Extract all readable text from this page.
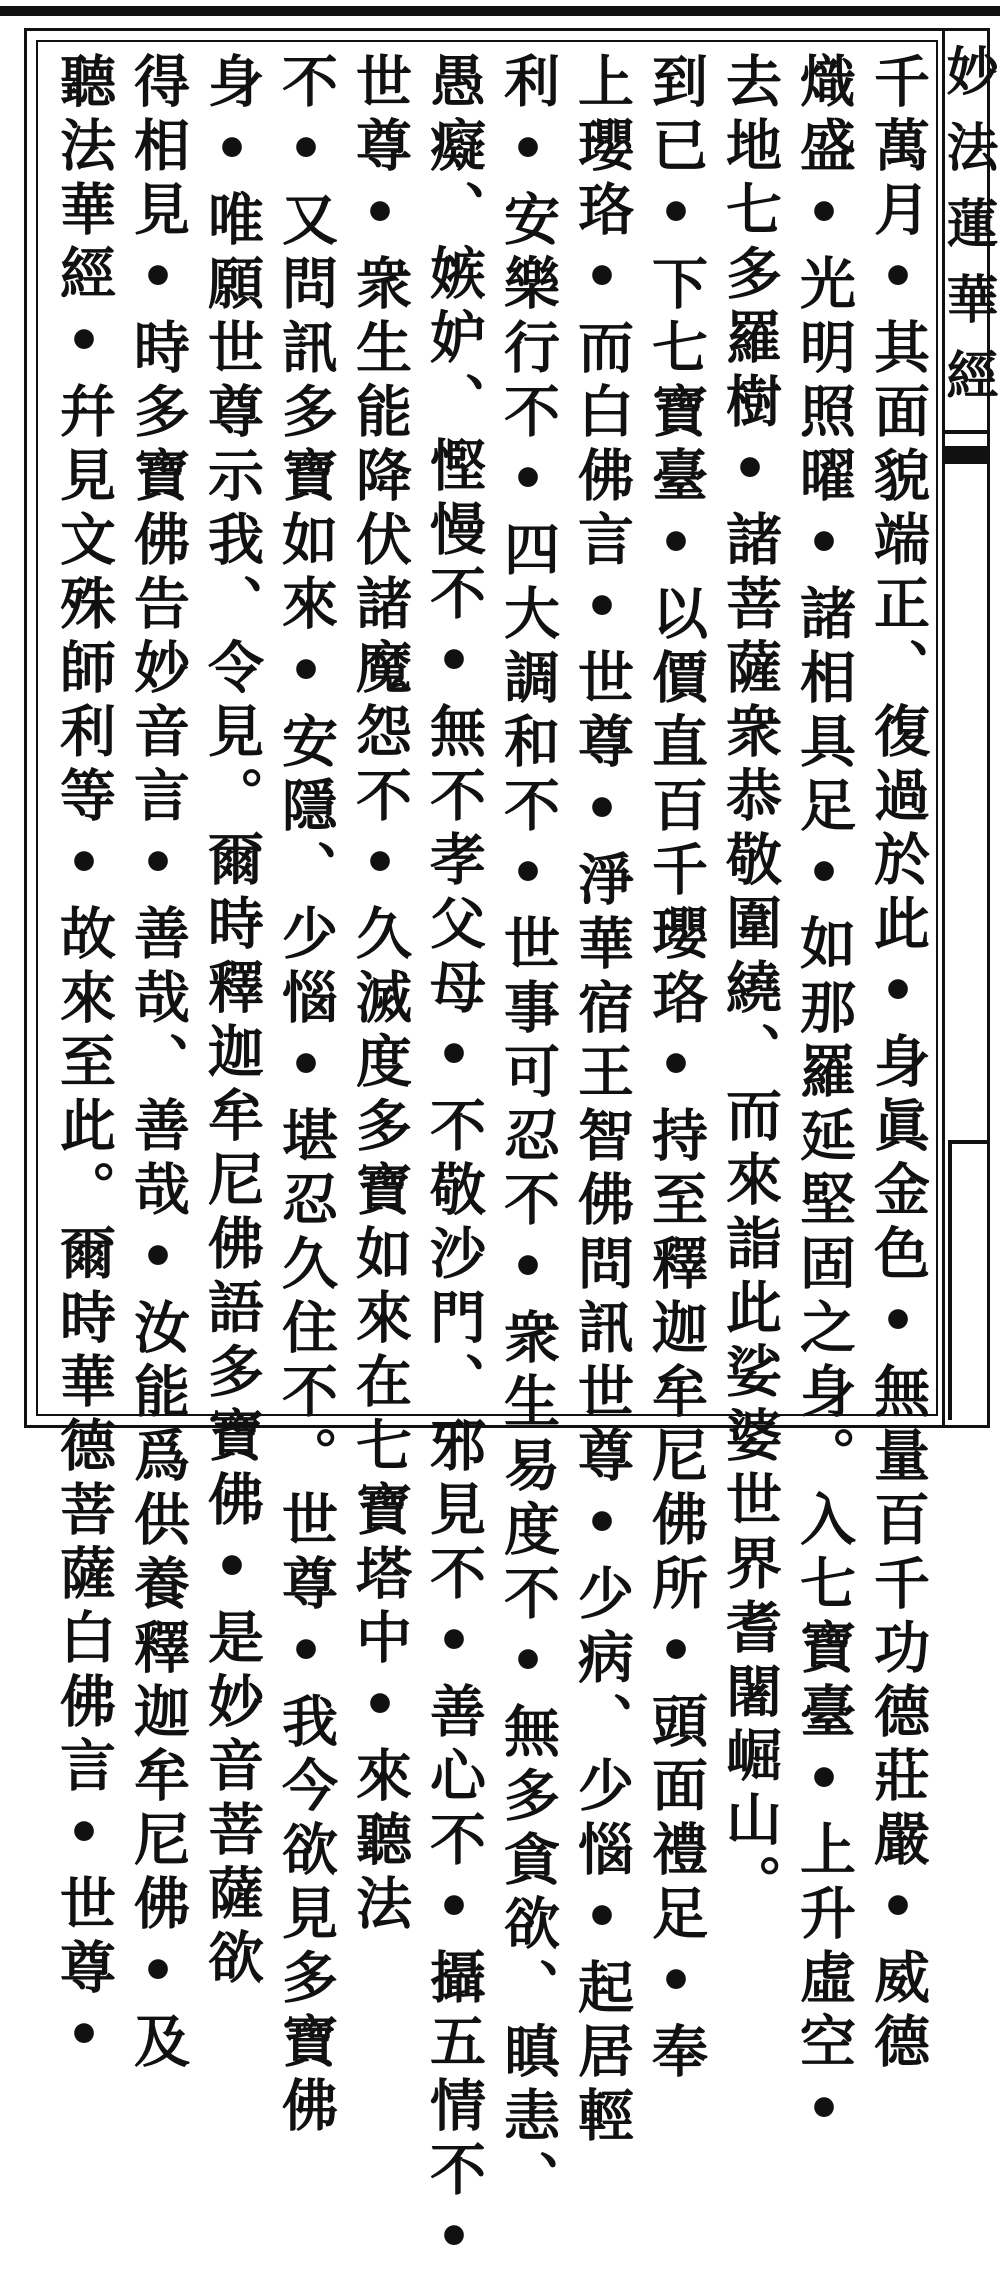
千萬月•其面貌端正、復過於此•身眞金色•無量百千功德莊嚴•威德
熾盛•光明照曜•諸相具足•如那羅延堅固之身。入七寶臺•上升虛空•
去地七多羅樹•諸菩薩衆恭敬圍繞、而來詣此娑婆世界耆闍崛山。
到已•下七寶臺•以價直百千瓔珞•持至釋迦牟尼佛所•頭面禮足•奉
上瓔珞•而白佛言•世尊•淨華宿王智佛問訊世尊•少病、少惱•起居輕
利•安樂行不•四大調和不•世事可忍不•衆生易度不•無多貪欲、瞋恚、
愚癡、嫉妒、慳慢不•無不孝父母•不敬沙門、邪見不•善心不•攝五情不•
世尊•衆生能降伏諸魔怨不•久滅度多寶如來在七寶塔中•來聽法
不•又問訊多寶如來•安隱、少惱•堪忍久住不。世尊•我今欲見多寶佛
身•唯願世尊示我、令見。爾時釋迦牟尼佛語多寶佛•是妙音菩薩欲
得相見•時多寶佛告妙音言•善哉、善哉•汝能爲供養釋迦牟尼佛•及
聽法華經•幷見文殊師利等•故來至此。爾時華德菩薩白佛言•世尊•	妙法蓮華經
